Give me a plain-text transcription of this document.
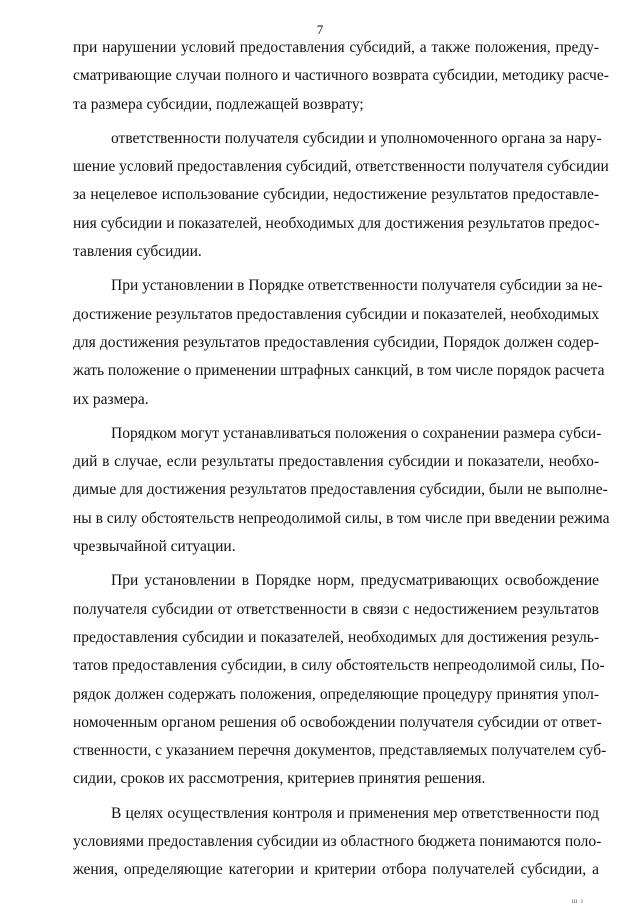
7
при нарушении условий предоставления субсидий, а также положения, преду-
сматривающие случаи полного и частичного возврата субсидии, методику расче-
та размера субсидии, подлежащей возврату;
ответственности получателя субсидии и уполномоченного органа за нару-
шение условий предоставления субсидий, ответственности получателя субсидии
за нецелевое использование субсидии, недостижение результатов предоставле-
ния субсидии и показателей, необходимых для достижения результатов предос-
тавления субсидии.
При установлении в Порядке ответственности получателя субсидии за не-
достижение результатов предоставления субсидии и показателей, необходимых
для достижения результатов предоставления субсидии, Порядок должен содер-
жать положение о применении штрафных санкций, в том числе порядок расчета
их размера.
Порядком могут устанавливаться положения о сохранении размера субси-
дий в случае, если результаты предоставления субсидии и показатели, необхо-
димые для достижения результатов предоставления субсидии, были не выполне-
ны в силу обстоятельств непреодолимой силы, в том числе при введении режима
чрезвычайной ситуации.
При установлении в Порядке норм, предусматривающих освобождение
получателя субсидии от ответственности в связи с недостижением результатов
предоставления субсидии и показателей, необходимых для достижения резуль-
татов предоставления субсидии, в силу обстоятельств непреодолимой силы, По-
рядок должен содержать положения, определяющие процедуру принятия упол-
номоченным органом решения об освобождении получателя субсидии от ответ-
ственности, с указанием перечня документов, представляемых получателем суб-
сидии, сроков их рассмотрения, критериев принятия решения.
В целях осуществления контроля и применения мер ответственности под
условиями предоставления субсидии из областного бюджета понимаются поло-
жения, определяющие категории и критерии отбора получателей субсидии, а
ш ı
